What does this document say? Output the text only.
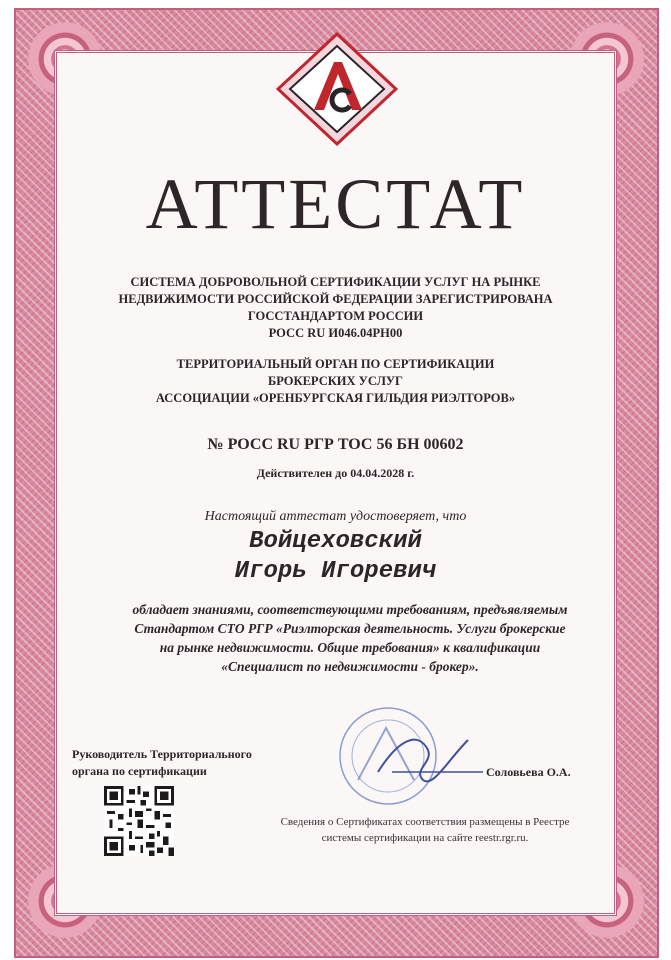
АТТЕСТАТ
СИСТЕМА ДОБРОВОЛЬНОЙ СЕРТИФИКАЦИИ УСЛУГ НА РЫНКЕ
НЕДВИЖИМОСТИ РОССИЙСКОЙ ФЕДЕРАЦИИ ЗАРЕГИСТРИРОВАНА
ГОССТАНДАРТОМ РОССИИ
РОСС RU И046.04РН00
ТЕРРИТОРИАЛЬНЫЙ ОРГАН ПО СЕРТИФИКАЦИИ
БРОКЕРСКИХ УСЛУГ
АССОЦИАЦИИ «ОРЕНБУРГСКАЯ ГИЛЬДИЯ РИЭЛТОРОВ»
№ РОСС RU РГР ТОС 56 БН 00602
Действителен до 04.04.2028 г.
Настоящий аттестат удостоверяет, что
Войцеховский
Игорь Игоревич
обладает знаниями, соответствующими требованиям, предъявляемым
Стандартом СТО РГР «Риэлторская деятельность. Услуги брокерские
на рынке недвижимости. Общие требования» к квалификации
«Специалист по недвижимости - брокер».
Руководитель Территориального
органа по сертификации	Соловьева О.А.
Сведения о Сертификатах соответствия размещены в Реестре
системы сертификации на сайте reestr.rgr.ru.
